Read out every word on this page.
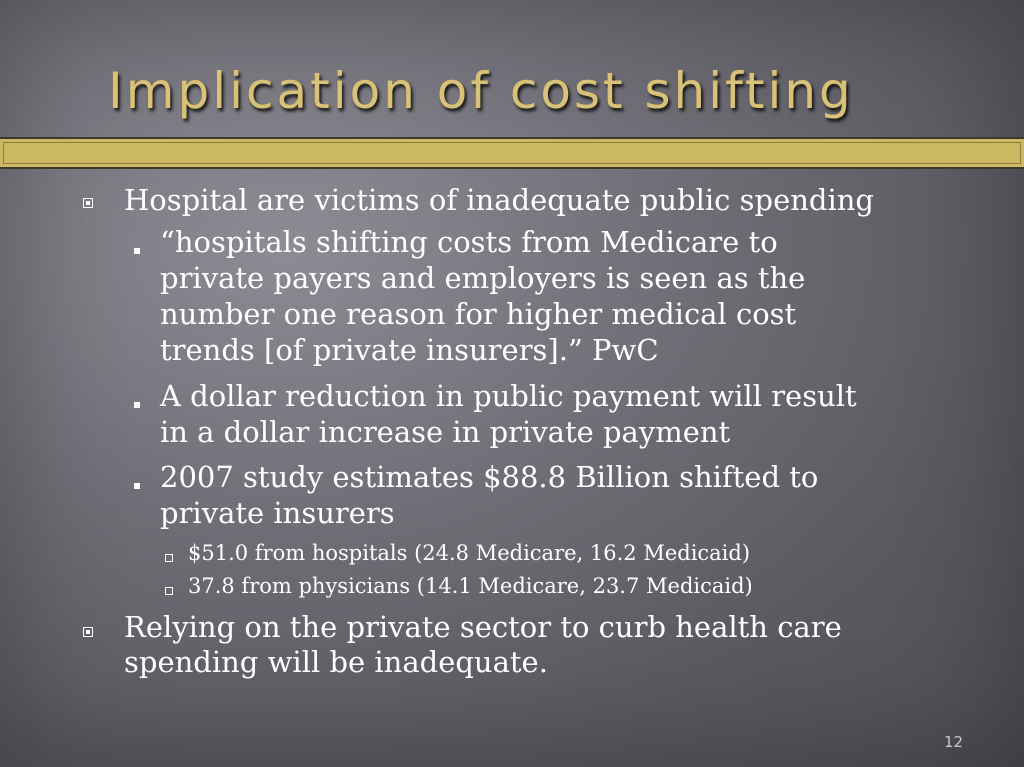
Implication of cost shifting
Hospital are victims of inadequate public spending
“hospitals shifting costs from Medicare to
private payers and employers is seen as the
number one reason for higher medical cost
trends [of private insurers].” PwC
A dollar reduction in public payment will result
in a dollar increase in private payment
2007 study estimates $88.8 Billion shifted to
private insurers
$51.0 from hospitals (24.8 Medicare, 16.2 Medicaid)
37.8 from physicians (14.1 Medicare, 23.7 Medicaid)
Relying on the private sector to curb health care
spending will be inadequate.
12
